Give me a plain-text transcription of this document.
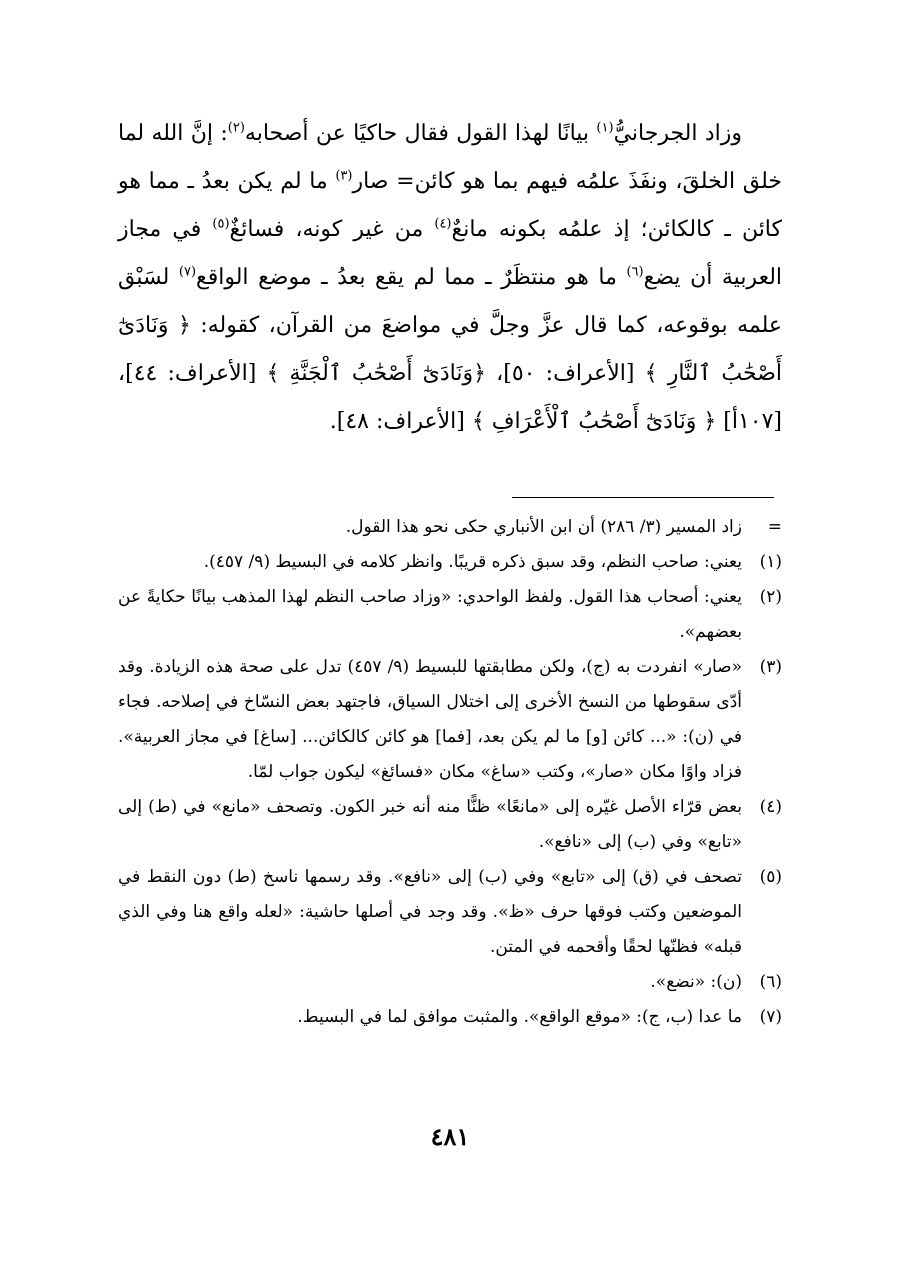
وزاد الجرجانيُّ$^{(١)}$ بيانًا لهذا القول فقال حاكيًا عن أصحابه$^{(٢)}$: إنَّ الله لما خلق الخلقَ، ونفَذَ علمُه فيهم بما هو كائن= صار$^{(٣)}$ ما لم يكن بعدُ ـ مما هو كائن ـ كالكائن؛ إذ علمُه بكونه مانعٌ$^{(٤)}$ من غير كونه، فسائغٌ$^{(٥)}$ في مجاز العربية أن يضع$^{(٦)}$ ما هو منتظَرٌ ـ مما لم يقع بعدُ ـ موضع الواقع$^{(٧)}$ لسَبْق علمه بوقوعه، كما قال عزَّ وجلَّ في مواضعَ من القرآن، كقوله: ﴿ وَنَادَىٰٓ أَصْحَٰبُ ٱلنَّارِ ﴾ [الأعراف: ٥٠]، ﴿وَنَادَىٰٓ أَصْحَٰبُ ٱلْجَنَّةِ ﴾ [الأعراف: ٤٤]، [١٠٧أ] ﴿ وَنَادَىٰٓ أَصْحَٰبُ ٱلْأَعْرَافِ ﴾ [الأعراف: ٤٨].

=
زاد المسير (٣/ ٢٨٦) أن ابن الأنباري حكى نحو هذا القول.
(١)
يعني: صاحب النظم، وقد سبق ذكره قريبًا. وانظر كلامه في البسيط (٩/ ٤٥٧).
(٢)
يعني: أصحاب هذا القول. ولفظ الواحدي: «وزاد صاحب النظم لهذا المذهب بيانًا حكايةً عن بعضهم».
(٣)
«صار» انفردت به (ج)، ولكن مطابقتها للبسيط (٩/ ٤٥٧) تدل على صحة هذه الزيادة. وقد أدّى سقوطها من النسخ الأخرى إلى اختلال السياق، فاجتهد بعض النسّاخ في إصلاحه. فجاء في (ن): «... كائن [و] ما لم يكن بعد، [فما] هو كائن كالكائن... [ساغ] في مجاز العربية». فزاد واوًا مكان «صار»، وكتب «ساغ» مكان «فسائغ» ليكون جواب لمّا.
(٤)
بعض قرّاء الأصل غيّره إلى «مانعًا» ظنًّا منه أنه خبر الكون. وتصحف «مانع» في (ط) إلى «تابع» وفي (ب) إلى «نافع».
(٥)
تصحف في (ق) إلى «تابع» وفي (ب) إلى «نافع». وقد رسمها ناسخ (ط) دون النقط في الموضعين وكتب فوقها حرف «ظ». وقد وجد في أصلها حاشية: «لعله واقع هنا وفي الذي قبله» فظنّها لحقًا وأقحمه في المتن.
(٦)
(ن): «نضع».
(٧)
ما عدا (ب، ج): «موقع الواقع». والمثبت موافق لما في البسيط.
٤٨١
